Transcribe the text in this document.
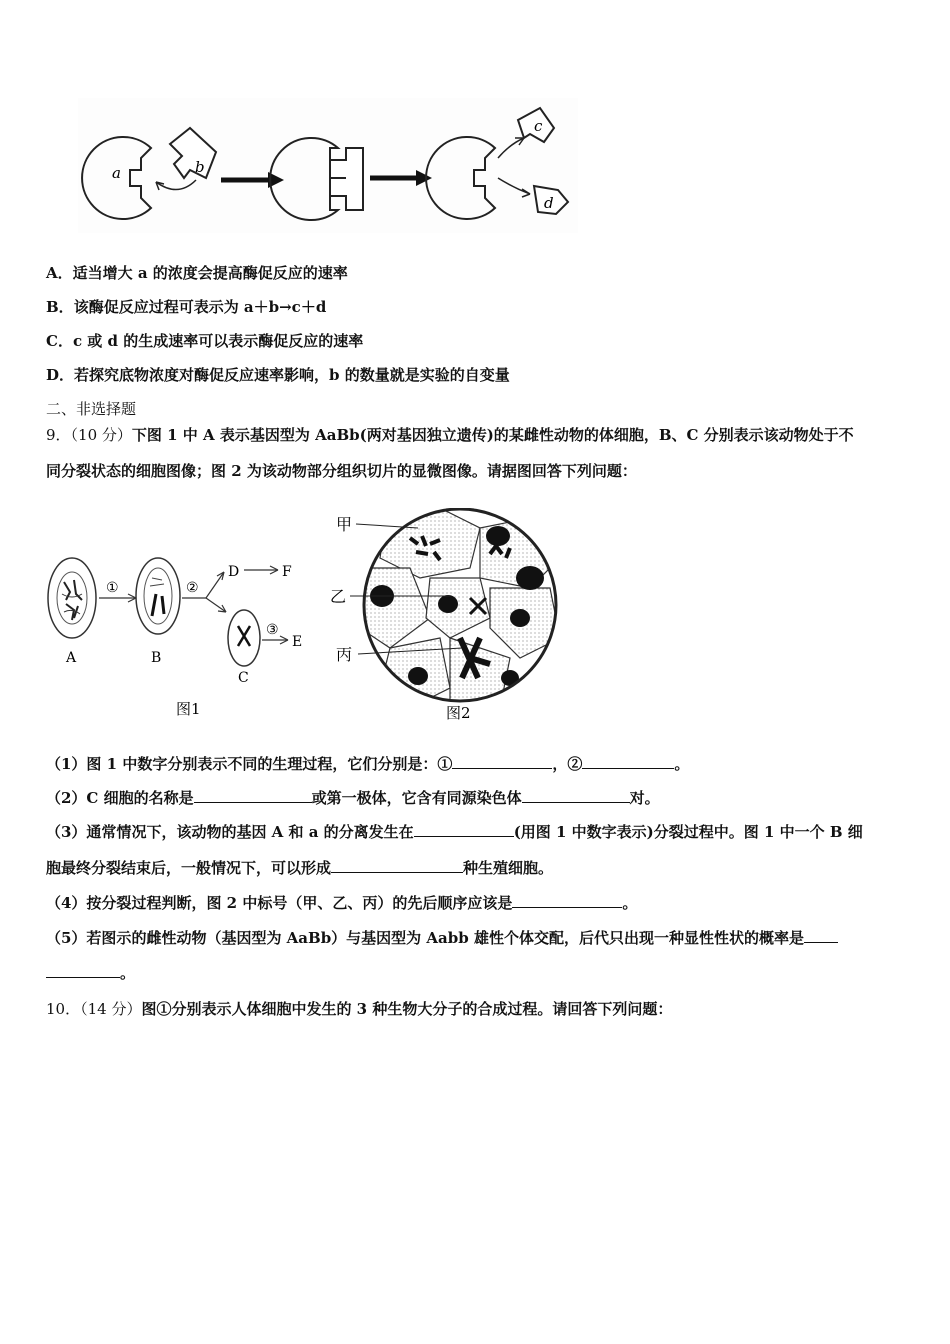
a	b
c
d
A．适当增大 a 的浓度会提高酶促反应的速率
B．该酶促反应过程可表示为 a＋b→c＋d
C．c 或 d 的生成速率可以表示酶促反应的速率
D．若探究底物浓度对酶促反应速率影响，b 的数量就是实验的自变量
二、非选择题
9．（10 分）下图 1 中 A 表示基因型为 AaBb(两对基因独立遗传)的某雌性动物的体细胞，B、C 分别表示该动物处于不
同分裂状态的细胞图像；图 2 为该动物部分组织切片的显微图像。请据图回答下列问题：
A
①
B
②
D	F
C
③
E
图1
甲
乙
丙
图2
（1）图 1 中数字分别表示不同的生理过程，它们分别是：①	，②	。
（2）C 细胞的名称是	或第一极体，它含有同源染色体	对。
（3）通常情况下，该动物的基因 A 和 a 的分离发生在	(用图 1 中数字表示)分裂过程中。图 1 中一个 B 细
胞最终分裂结束后，一般情况下，可以形成	种生殖细胞。
（4）按分裂过程判断，图 2 中标号（甲、乙、丙）的先后顺序应该是	。
（5）若图示的雌性动物（基因型为 AaBb）与基因型为 Aabb 雄性个体交配，后代只出现一种显性性状的概率是
。
10．（14 分）图①分别表示人体细胞中发生的 3 种生物大分子的合成过程。请回答下列问题：
